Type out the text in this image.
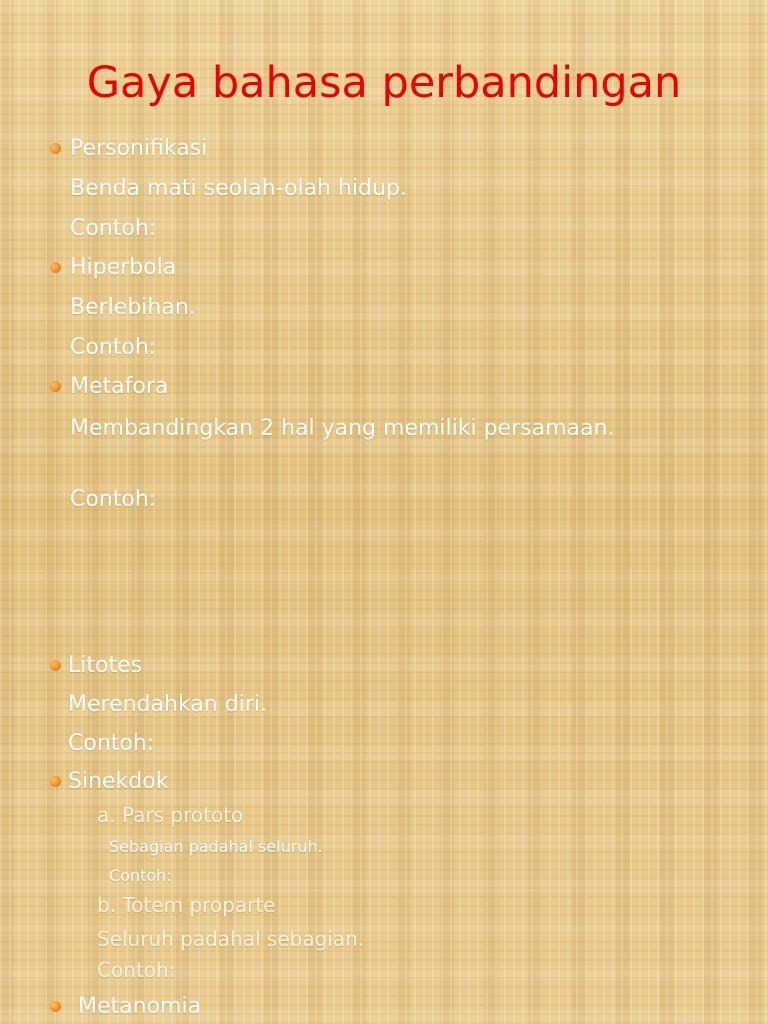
Gaya bahasa perbandingan
Personifikasi
Benda mati seolah-olah hidup.
Contoh:
Hiperbola
Berlebihan.
Contoh:
Metafora
Membandingkan 2 hal yang memiliki persamaan.
Contoh:
Litotes
Merendahkan diri.
Contoh:
Sinekdok
a. Pars prototo
Sebagian padahal seluruh.
Contoh:
b. Totem proparte
Seluruh padahal sebagian.
Contoh:
Metanomia
